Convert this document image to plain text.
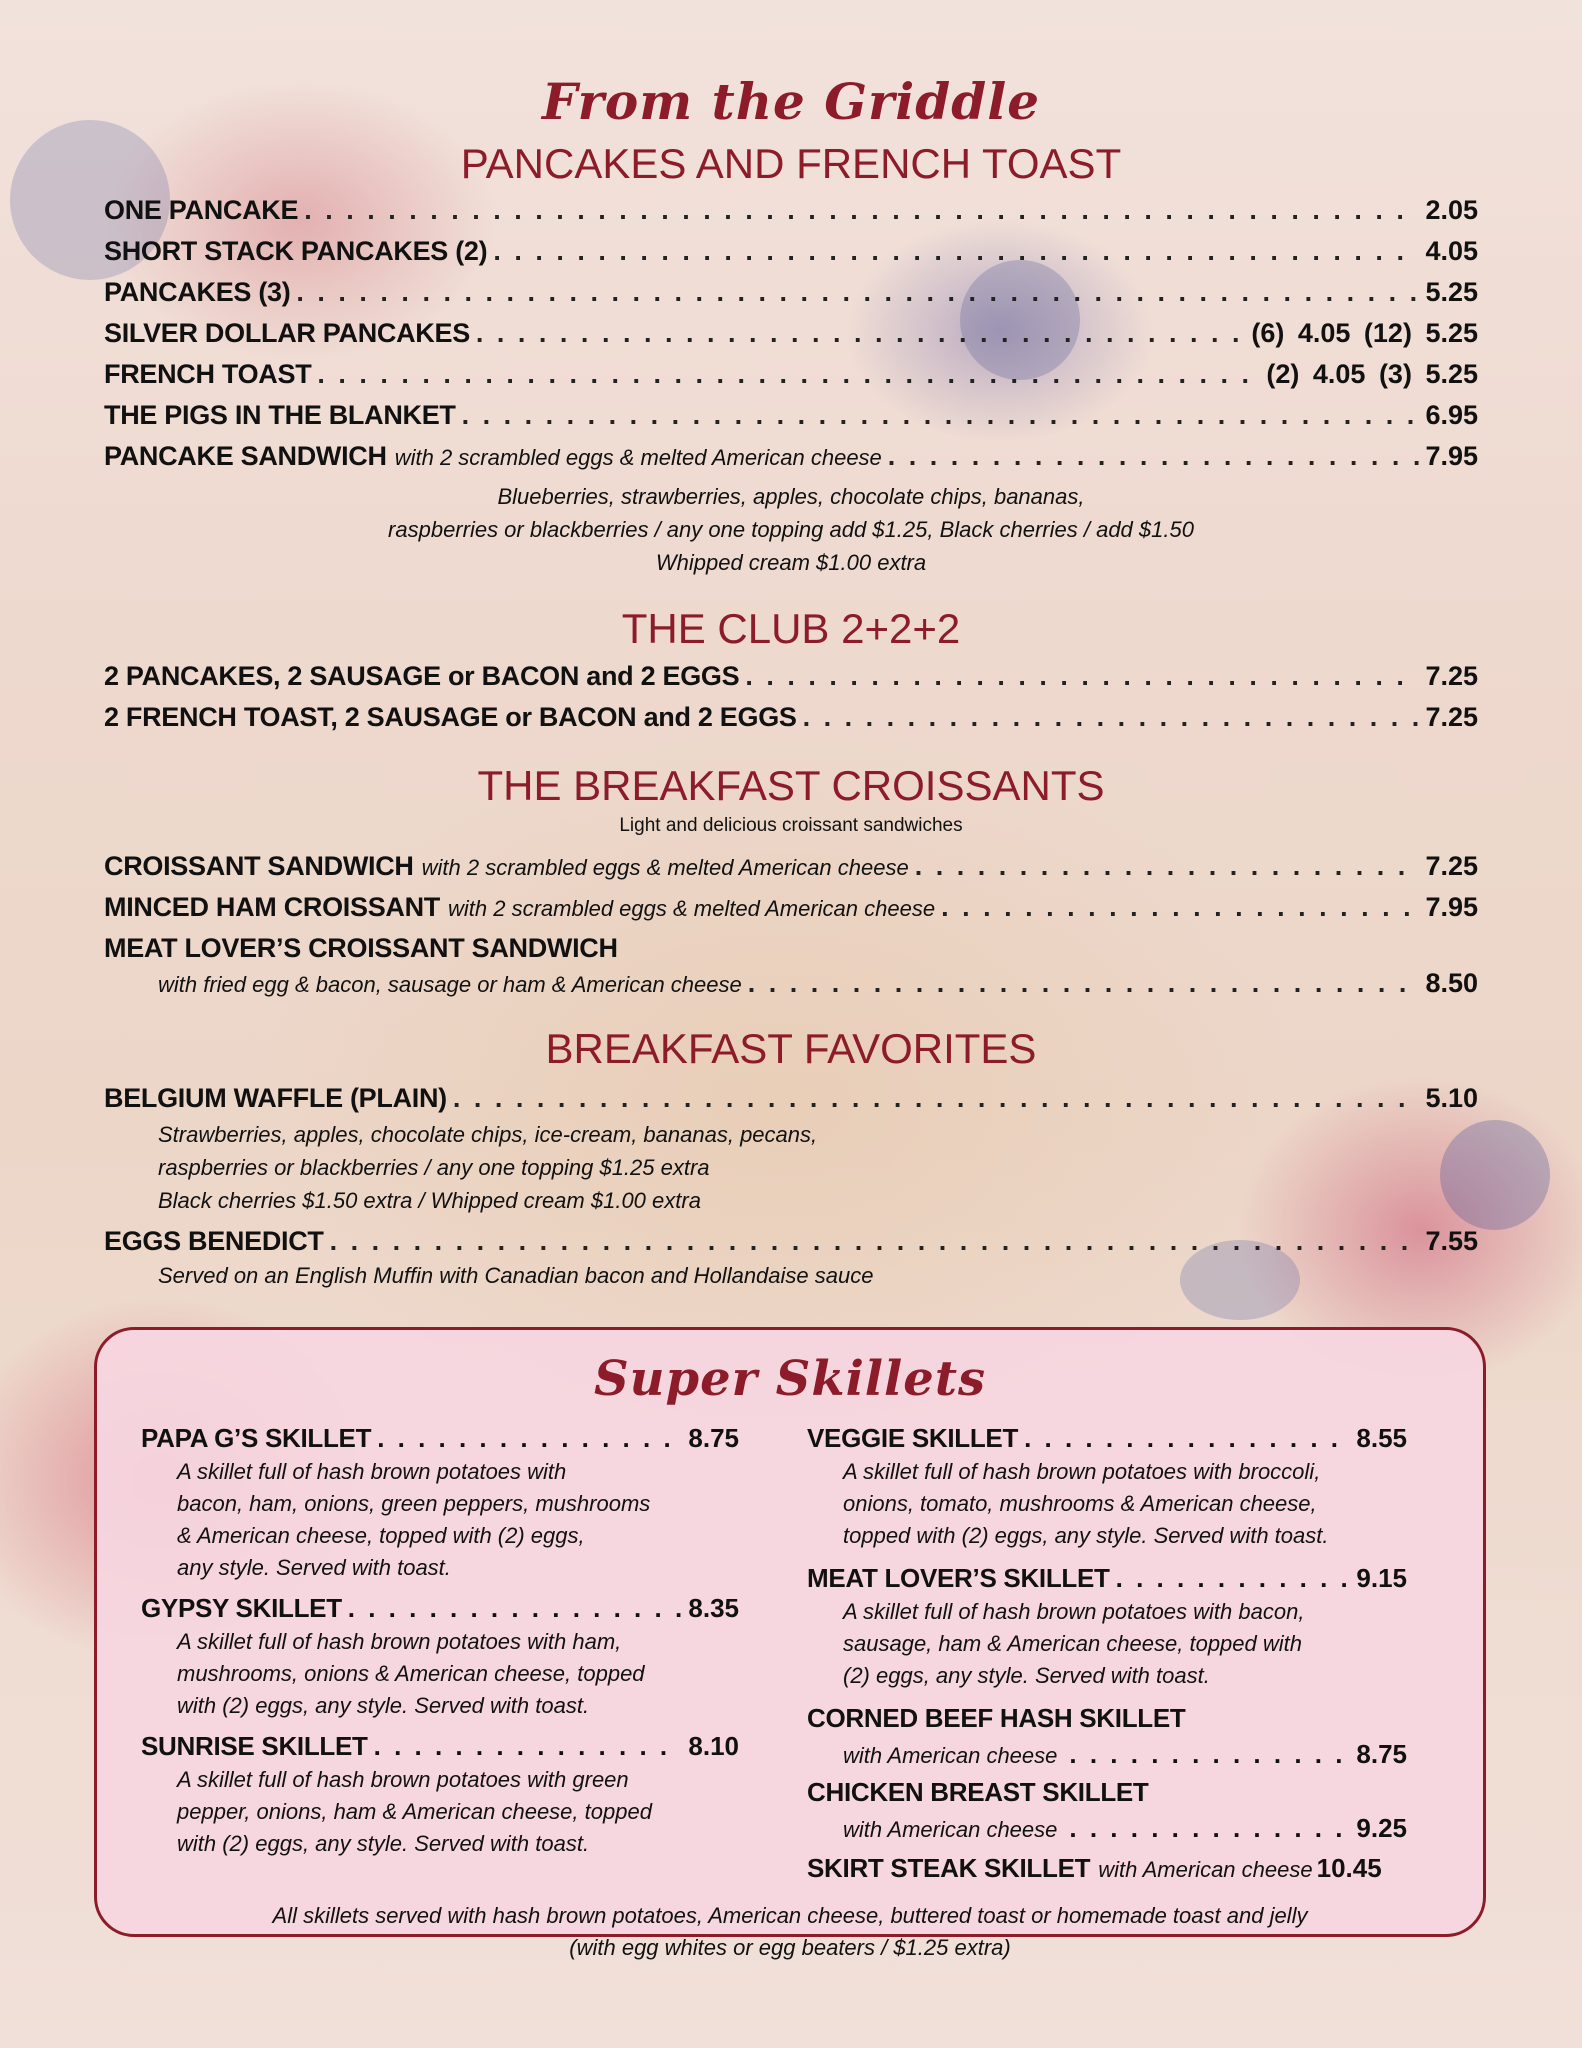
From the Griddle
PANCAKES AND FRENCH TOAST
ONE PANCAKE . . .	2.05
SHORT STACK PANCAKES (2) . . .	4.05
PANCAKES (3) . . .	5.25
SILVER DOLLAR PANCAKES . . .	(6) 4.05 (12) 5.25
FRENCH TOAST . . .	(2) 4.05 (3) 5.25
THE PIGS IN THE BLANKET . . .	6.95
PANCAKE SANDWICH with 2 scrambled eggs & melted American cheese . . .	7.95
Blueberries, strawberries, apples, chocolate chips, bananas,
raspberries or blackberries / any one topping add $1.25, Black cherries / add $1.50
Whipped cream $1.00 extra
THE CLUB 2+2+2
2 PANCAKES, 2 SAUSAGE or BACON and 2 EGGS . . .	7.25
2 FRENCH TOAST, 2 SAUSAGE or BACON and 2 EGGS . . .	7.25
THE BREAKFAST CROISSANTS
Light and delicious croissant sandwiches
CROISSANT SANDWICH with 2 scrambled eggs & melted American cheese . . .	7.25
MINCED HAM CROISSANT with 2 scrambled eggs & melted American cheese . . .	7.95
MEAT LOVER’S CROISSANT SANDWICH
with fried egg & bacon, sausage or ham & American cheese . . .	8.50
BREAKFAST FAVORITES
BELGIUM WAFFLE (PLAIN) . . .	5.10
Strawberries, apples, chocolate chips, ice-cream, bananas, pecans,
raspberries or blackberries / any one topping $1.25 extra
Black cherries $1.50 extra / Whipped cream $1.00 extra
EGGS BENEDICT . . .	7.55
Served on an English Muffin with Canadian bacon and Hollandaise sauce
Super Skillets
PAPA G’S SKILLET . . .	8.75
A skillet full of hash brown potatoes with
bacon, ham, onions, green peppers, mushrooms
& American cheese, topped with (2) eggs,
any style. Served with toast.
GYPSY SKILLET . . .	8.35
A skillet full of hash brown potatoes with ham,
mushrooms, onions & American cheese, topped
with (2) eggs, any style. Served with toast.
SUNRISE SKILLET . . .	8.10
A skillet full of hash brown potatoes with green
pepper, onions, ham & American cheese, topped
with (2) eggs, any style. Served with toast.
VEGGIE SKILLET . . .	8.55
A skillet full of hash brown potatoes with broccoli,
onions, tomato, mushrooms & American cheese,
topped with (2) eggs, any style. Served with toast.
MEAT LOVER’S SKILLET . . .	9.15
A skillet full of hash brown potatoes with bacon,
sausage, ham & American cheese, topped with
(2) eggs, any style. Served with toast.
CORNED BEEF HASH SKILLET
with American cheese . . .	8.75
CHICKEN BREAST SKILLET
with American cheese . . .	9.25
SKIRT STEAK SKILLET with American cheese 10.45
All skillets served with hash brown potatoes, American cheese, buttered toast or homemade toast and jelly
(with egg whites or egg beaters / $1.25 extra)
